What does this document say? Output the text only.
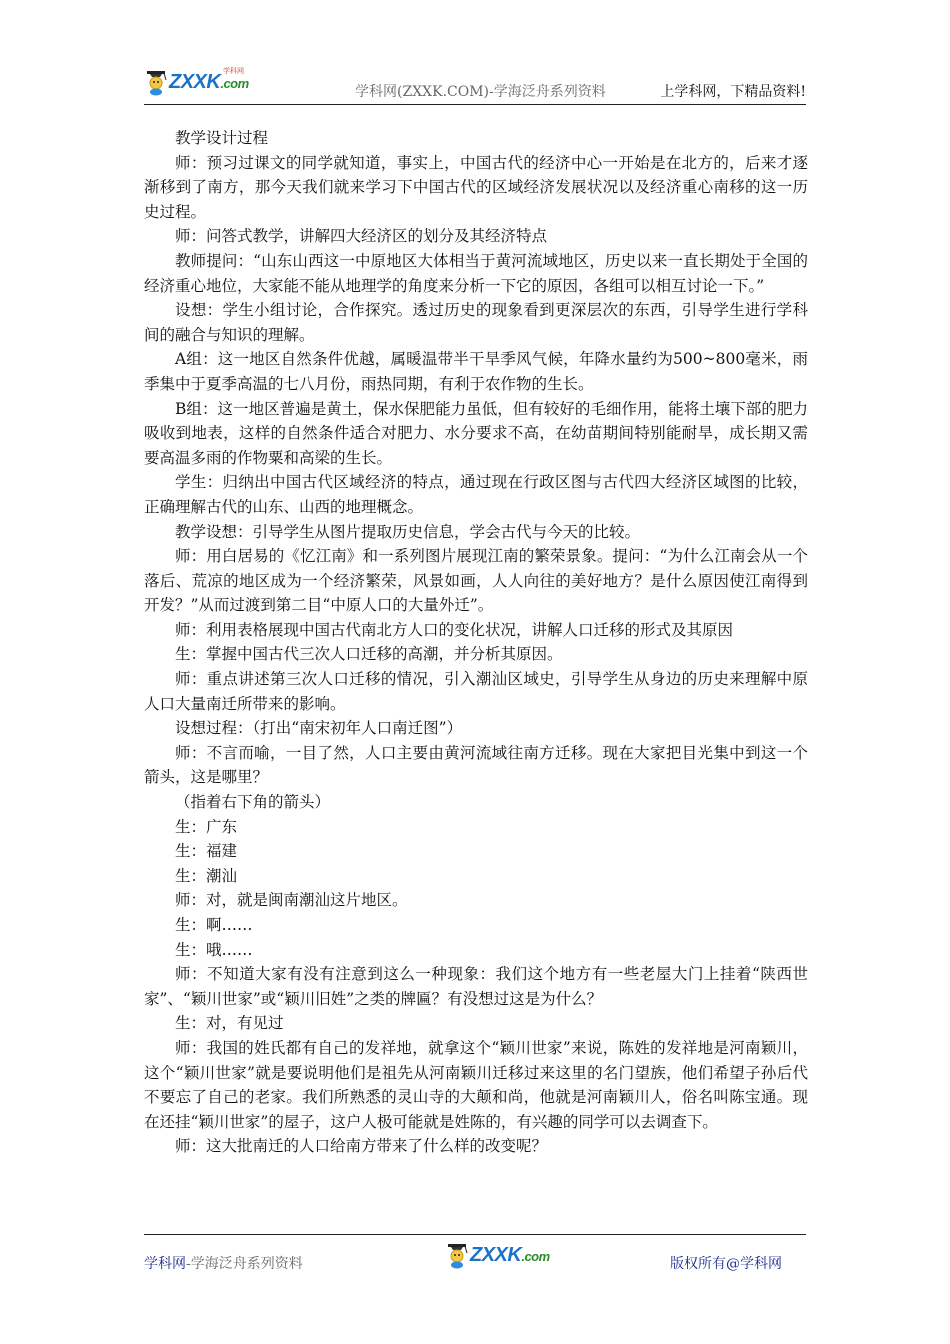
ZXXK.com
学科网
学科网(ZXXK.COM)-学海泛舟系列资料	上学科网，下精品资料!

教学设计过程

师：预习过课文的同学就知道，事实上，中国古代的经济中心一开始是在北方的，后来才逐渐移到了南方，那今天我们就来学习下中国古代的区域经济发展状况以及经济重心南移的这一历史过程。

师：问答式教学，讲解四大经济区的划分及其经济特点

教师提问：“山东山西这一中原地区大体相当于黄河流域地区，历史以来一直长期处于全国的经济重心地位，大家能不能从地理学的角度来分析一下它的原因，各组可以相互讨论一下。”

设想：学生小组讨论，合作探究。透过历史的现象看到更深层次的东西，引导学生进行学科间的融合与知识的理解。

A组：这一地区自然条件优越，属暖温带半干旱季风气候，年降水量约为500~800毫米，雨季集中于夏季高温的七八月份，雨热同期，有利于农作物的生长。

B组：这一地区普遍是黄土，保水保肥能力虽低，但有较好的毛细作用，能将土壤下部的肥力吸收到地表，这样的自然条件适合对肥力、水分要求不高，在幼苗期间特别能耐旱，成长期又需要高温多雨的作物粟和高梁的生长。

学生：归纳出中国古代区域经济的特点，通过现在行政区图与古代四大经济区域图的比较，正确理解古代的山东、山西的地理概念。

教学设想：引导学生从图片提取历史信息，学会古代与今天的比较。

师：用白居易的《忆江南》和一系列图片展现江南的繁荣景象。提问：“为什么江南会从一个落后、荒凉的地区成为一个经济繁荣，风景如画，人人向往的美好地方？是什么原因使江南得到开发？”从而过渡到第二目“中原人口的大量外迁”。

师：利用表格展现中国古代南北方人口的变化状况，讲解人口迁移的形式及其原因

生：掌握中国古代三次人口迁移的高潮，并分析其原因。

师：重点讲述第三次人口迁移的情况，引入潮汕区域史，引导学生从身边的历史来理解中原人口大量南迁所带来的影响。

设想过程：（打出“南宋初年人口南迁图”）

师：不言而喻，一目了然，人口主要由黄河流域往南方迁移。现在大家把目光集中到这一个箭头，这是哪里？

（指着右下角的箭头）

生：广东

生：福建

生：潮汕

师：对，就是闽南潮汕这片地区。

生：啊……

生：哦……

师：不知道大家有没有注意到这么一种现象：我们这个地方有一些老屋大门上挂着“陕西世家”、“颖川世家”或“颖川旧姓”之类的牌匾？有没想过这是为什么？

生：对，有见过

师：我国的姓氏都有自己的发祥地，就拿这个“颖川世家”来说，陈姓的发祥地是河南颖川，这个“颖川世家”就是要说明他们是祖先从河南颖川迁移过来这里的名门望族，他们希望子孙后代不要忘了自己的老家。我们所熟悉的灵山寺的大颠和尚，他就是河南颖川人，俗名叫陈宝通。现在还挂“颖川世家”的屋子，这户人极可能就是姓陈的，有兴趣的同学可以去调查下。

师：这大批南迁的人口给南方带来了什么样的改变呢？

学科网-学海泛舟系列资料	ZXXK.com	版权所有@学科网
